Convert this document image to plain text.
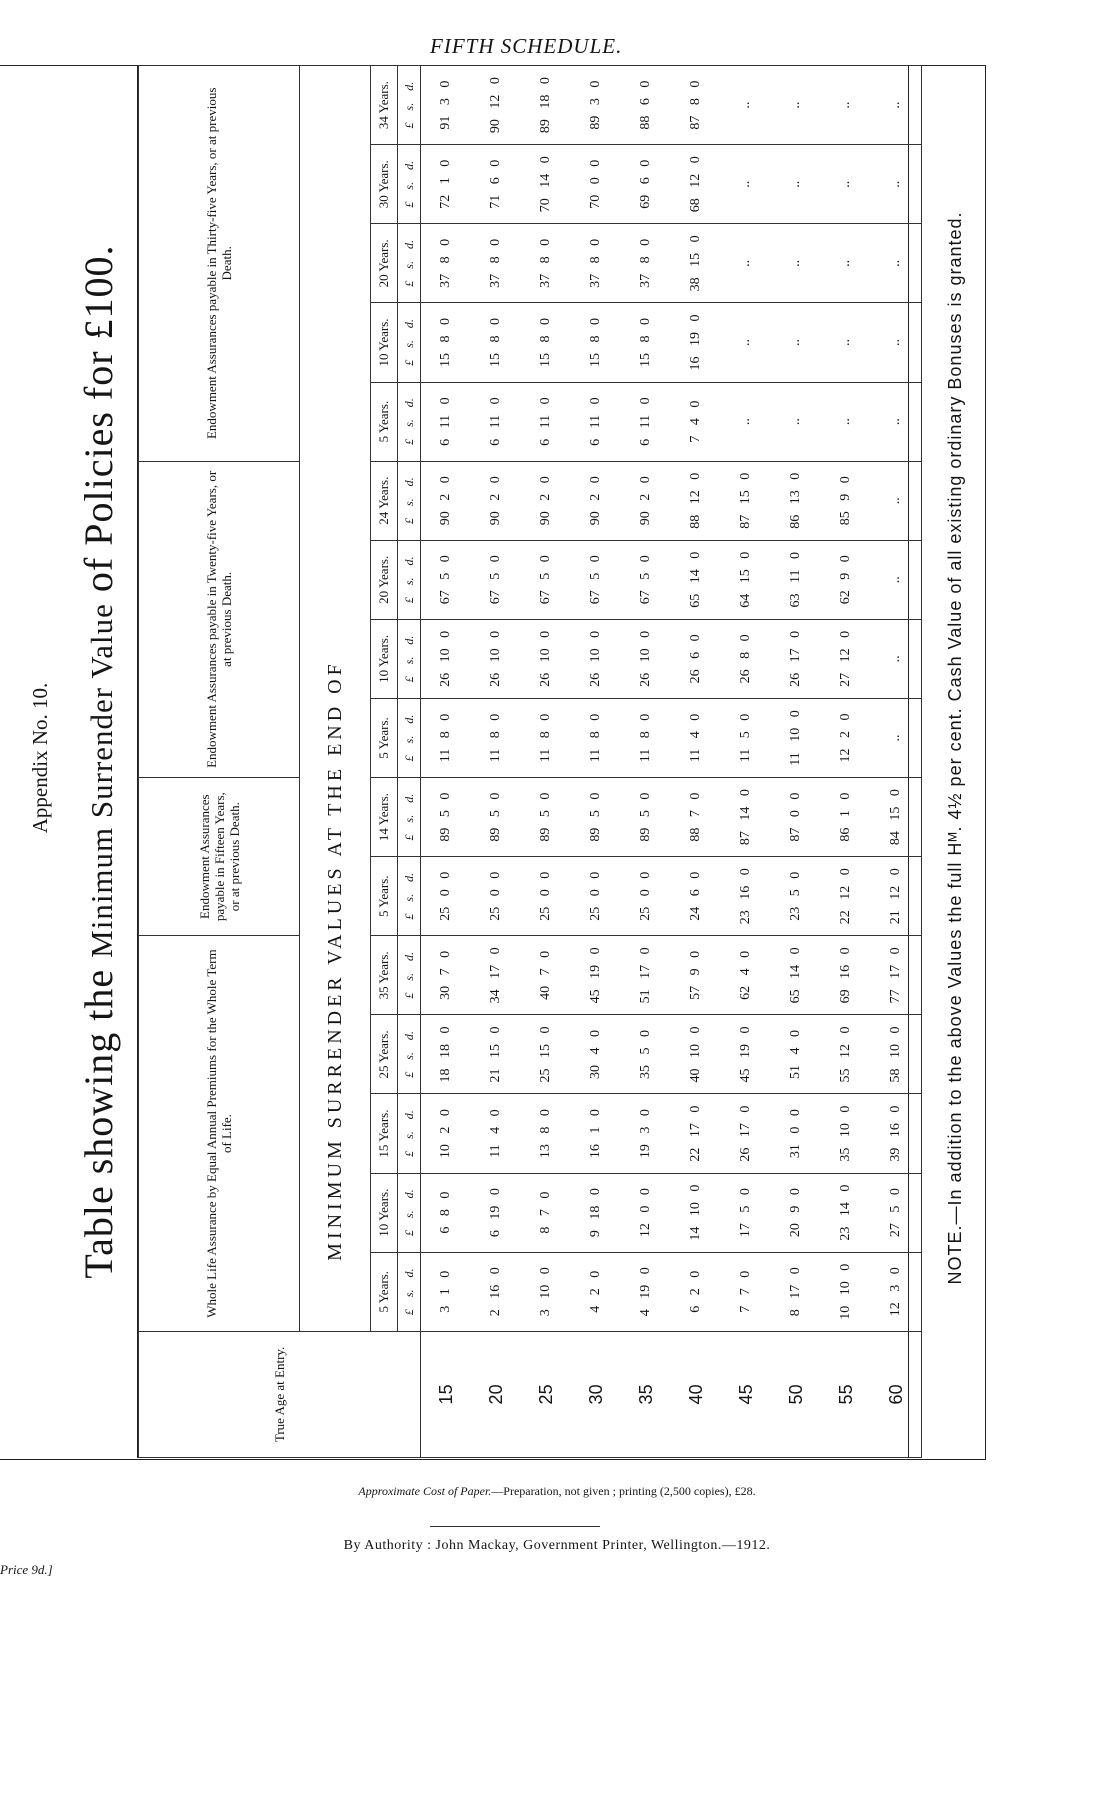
FIFTH SCHEDULE.
Appendix No. 10.
Table showing the Minimum Surrender Value of Policies for £100.
True Age at Entry.	Whole Life Assurance by Equal Annual Premiums for the Whole Term of Life.					Endowment Assurances payable in Fifteen Years, or at previous Death.		Endowment Assurances payable in Twenty-five Years, or at previous Death.				Endowment Assurances payable in Thirty-five Years, or at previous Death.				

	MINIMUM SURRENDER VALUES AT THE END OF															
	5 Years.	10 Years.	15 Years.	25 Years.	35 Years.	5 Years.	14 Years.	5 Years.	10 Years.	20 Years.	24 Years.	5 Years.	10 Years.	20 Years.	30 Years.	34 Years.
	£ s. d.	£ s. d.	£ s. d.	£ s. d.	£ s. d.	£ s. d.	£ s. d.	£ s. d.	£ s. d.	£ s. d.	£ s. d.	£ s. d.	£ s. d.	£ s. d.	£ s. d.	£ s. d.
15	3 1 0	6 8 0	10 2 0	18 18 0	30 7 0	25 0 0	89 5 0	11 8 0	26 10 0	67 5 0	90 2 0	6 11 0	15 8 0	37 8 0	72 1 0	91 3 0
20	2 16 0	6 19 0	11 4 0	21 15 0	34 17 0	25 0 0	89 5 0	11 8 0	26 10 0	67 5 0	90 2 0	6 11 0	15 8 0	37 8 0	71 6 0	90 12 0
25	3 10 0	8 7 0	13 8 0	25 15 0	40 7 0	25 0 0	89 5 0	11 8 0	26 10 0	67 5 0	90 2 0	6 11 0	15 8 0	37 8 0	70 14 0	89 18 0
30	4 2 0	9 18 0	16 1 0	30 4 0	45 19 0	25 0 0	89 5 0	11 8 0	26 10 0	67 5 0	90 2 0	6 11 0	15 8 0	37 8 0	70 0 0	89 3 0
35	4 19 0	12 0 0	19 3 0	35 5 0	51 17 0	25 0 0	89 5 0	11 8 0	26 10 0	67 5 0	90 2 0	6 11 0	15 8 0	37 8 0	69 6 0	88 6 0
40	6 2 0	14 10 0	22 17 0	40 10 0	57 9 0	24 6 0	88 7 0	11 4 0	26 6 0	65 14 0	88 12 0	7 4 0	16 19 0	38 15 0	68 12 0	87 8 0
45	7 7 0	17 5 0	26 17 0	45 19 0	62 4 0	23 16 0	87 14 0	11 5 0	26 8 0	64 15 0	87 15 0	..	..	..	..	..
50	8 17 0	20 9 0	31 0 0	51 4 0	65 14 0	23 5 0	87 0 0	11 10 0	26 17 0	63 11 0	86 13 0	..	..	..	..	..
55	10 10 0	23 14 0	35 10 0	55 12 0	69 16 0	22 12 0	86 1 0	12 2 0	27 12 0	62 9 0	85 9 0	..	..	..	..	..
60	12 3 0	27 5 0	39 16 0	58 10 0	77 17 0	21 12 0	84 15 0	..	..	..	..	..	..	..	..	..
NOTE.—In addition to the above Values the full Hᴹ. 4½ per cent. Cash Value of all existing ordinary Bonuses is granted.
Approximate Cost of Paper.—Preparation, not given ; printing (2,500 copies), £28.
By Authority : John Mackay, Government Printer, Wellington.—1912.
Price 9d.]
